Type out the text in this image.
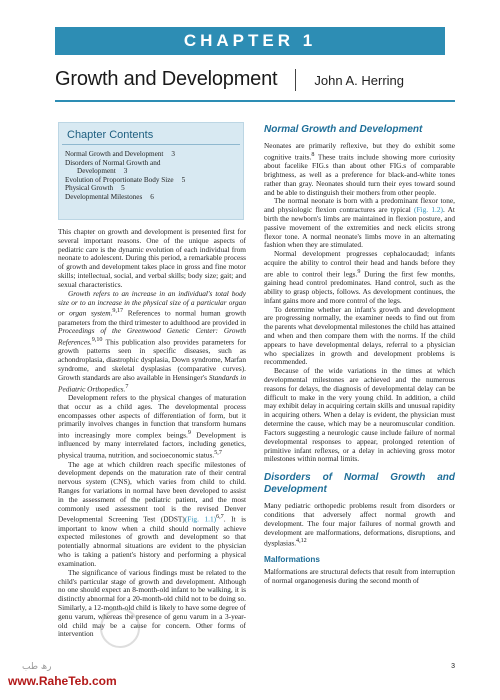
CHAPTER 1
Growth and Development	John A. Herring
Chapter Contents
Normal Growth and Development 3
Disorders of Normal Growth and
Development 3
Evolution of Proportionate Body Size 5
Physical Growth 5
Developmental Milestones 6

This chapter on growth and development is presented first for several important reasons. One of the unique aspects of pediatric care is the dynamic evolution of each individual from neonate to adolescent. During this period, a remarkable process of growth and development takes place in gross and fine motor skills; intellectual, social, and verbal skills; body size; gait; and sexual characteristics.

Growth refers to an increase in an individual's total body size or to an increase in the physical size of a particular organ or organ system.$^{9,17}$ References to normal human growth parameters from the third trimester to adulthood are provided in Proceedings of the Greenwood Genetic Center: Growth References.$^{9,10}$ This publication also provides parameters for growth patterns seen in specific diseases, such as achondroplasia, diastrophic dysplasia, Down syndrome, Marfan syndrome, and skeletal dysplasias (comparative curves). Growth standards are also available in Hensinger's Standards in Pediatric Orthopedics.$^7$

Development refers to the physical changes of maturation that occur as a child ages. The developmental process encompasses other aspects of differentiation of form, but it primarily involves changes in function that transform humans into increasingly more complex beings.$^9$ Development is influenced by many interrelated factors, including genetics, physical trauma, nutrition, and socioeconomic status.$^{5,7}$

The age at which children reach specific milestones of development depends on the maturation rate of their central nervous system (CNS), which varies from child to child. Ranges for variations in normal have been developed to assist in the assessment of the pediatric patient, and the most commonly used assessment tool is the revised Denver Developmental Screening Test (DDST)(Fig. 1.1)$^{6,7}$. It is important to know when a child should normally achieve expected milestones of growth and development so that potentially abnormal situations are evident to the physician who is taking a patient's history and performing a physical examination.

The significance of various findings must be related to the child's particular stage of growth and development. Although no one should expect an 8-month-old infant to be walking, it is distinctly abnormal for a 20-month-old child not to be doing so. Similarly, a 12-month-old child is likely to have some degree of genu varum, whereas the presence of genu varum in a 3-year-old child may be a cause for concern. Other forms of intervention

Normal Growth and Development

Neonates are primarily reflexive, but they do exhibit some cognitive traits.$^8$ These traits include showing more curiosity about facelike FIG.s than about other FIG.s of comparable brightness, as well as a preference for black-and-white tones rather than gray. Neonates should turn their eyes toward sound and be able to distinguish their mothers from other people.

The normal neonate is born with a predominant flexor tone, and physiologic flexion contractures are typical (Fig. 1.2). At birth the newborn's limbs are maintained in flexion posture, and passive movement of the extremities and neck elicits strong flexor tone. A normal neonate's limbs move in an alternating fashion when they are stimulated.

Normal development progresses cephalocaudad; infants acquire the ability to control their head and hands before they are able to control their legs.$^9$ During the first few months, gaining head control predominates. Hand control, such as the ability to grasp objects, follows. As development continues, the infant gains more and more control of the legs.

To determine whether an infant's growth and development are progressing normally, the examiner needs to find out from the parents what developmental milestones the child has attained and when and then compare them with the norms. If the child appears to have developmental delays, referral to a physician who specializes in growth and development problems is recommended.

Because of the wide variations in the times at which developmental milestones are achieved and the numerous reasons for delays, the diagnosis of developmental delay can be difficult to make in the very young child. In addition, a child may exhibit delay in acquiring certain skills and unusual rapidity in acquiring others. When a delay is evident, the physician must determine the cause, which may be a neuromuscular condition. Factors suggesting a neurologic cause include failure of normal developmental responses to appear, prolonged retention of primitive infant reflexes, or a delay in achieving gross motor milestones within normal limits.

Disorders of Normal Growth and Development

Many pediatric orthopedic problems result from disorders or conditions that adversely affect normal growth and development. The four major failures of normal growth and development are malformations, deformations, disruptions, and dysplasias.$^{4,12}$

Malformations

Malformations are structural defects that result from interruption of normal organogenesis during the second month of

3
رھ طب
www.RaheTeb.com
